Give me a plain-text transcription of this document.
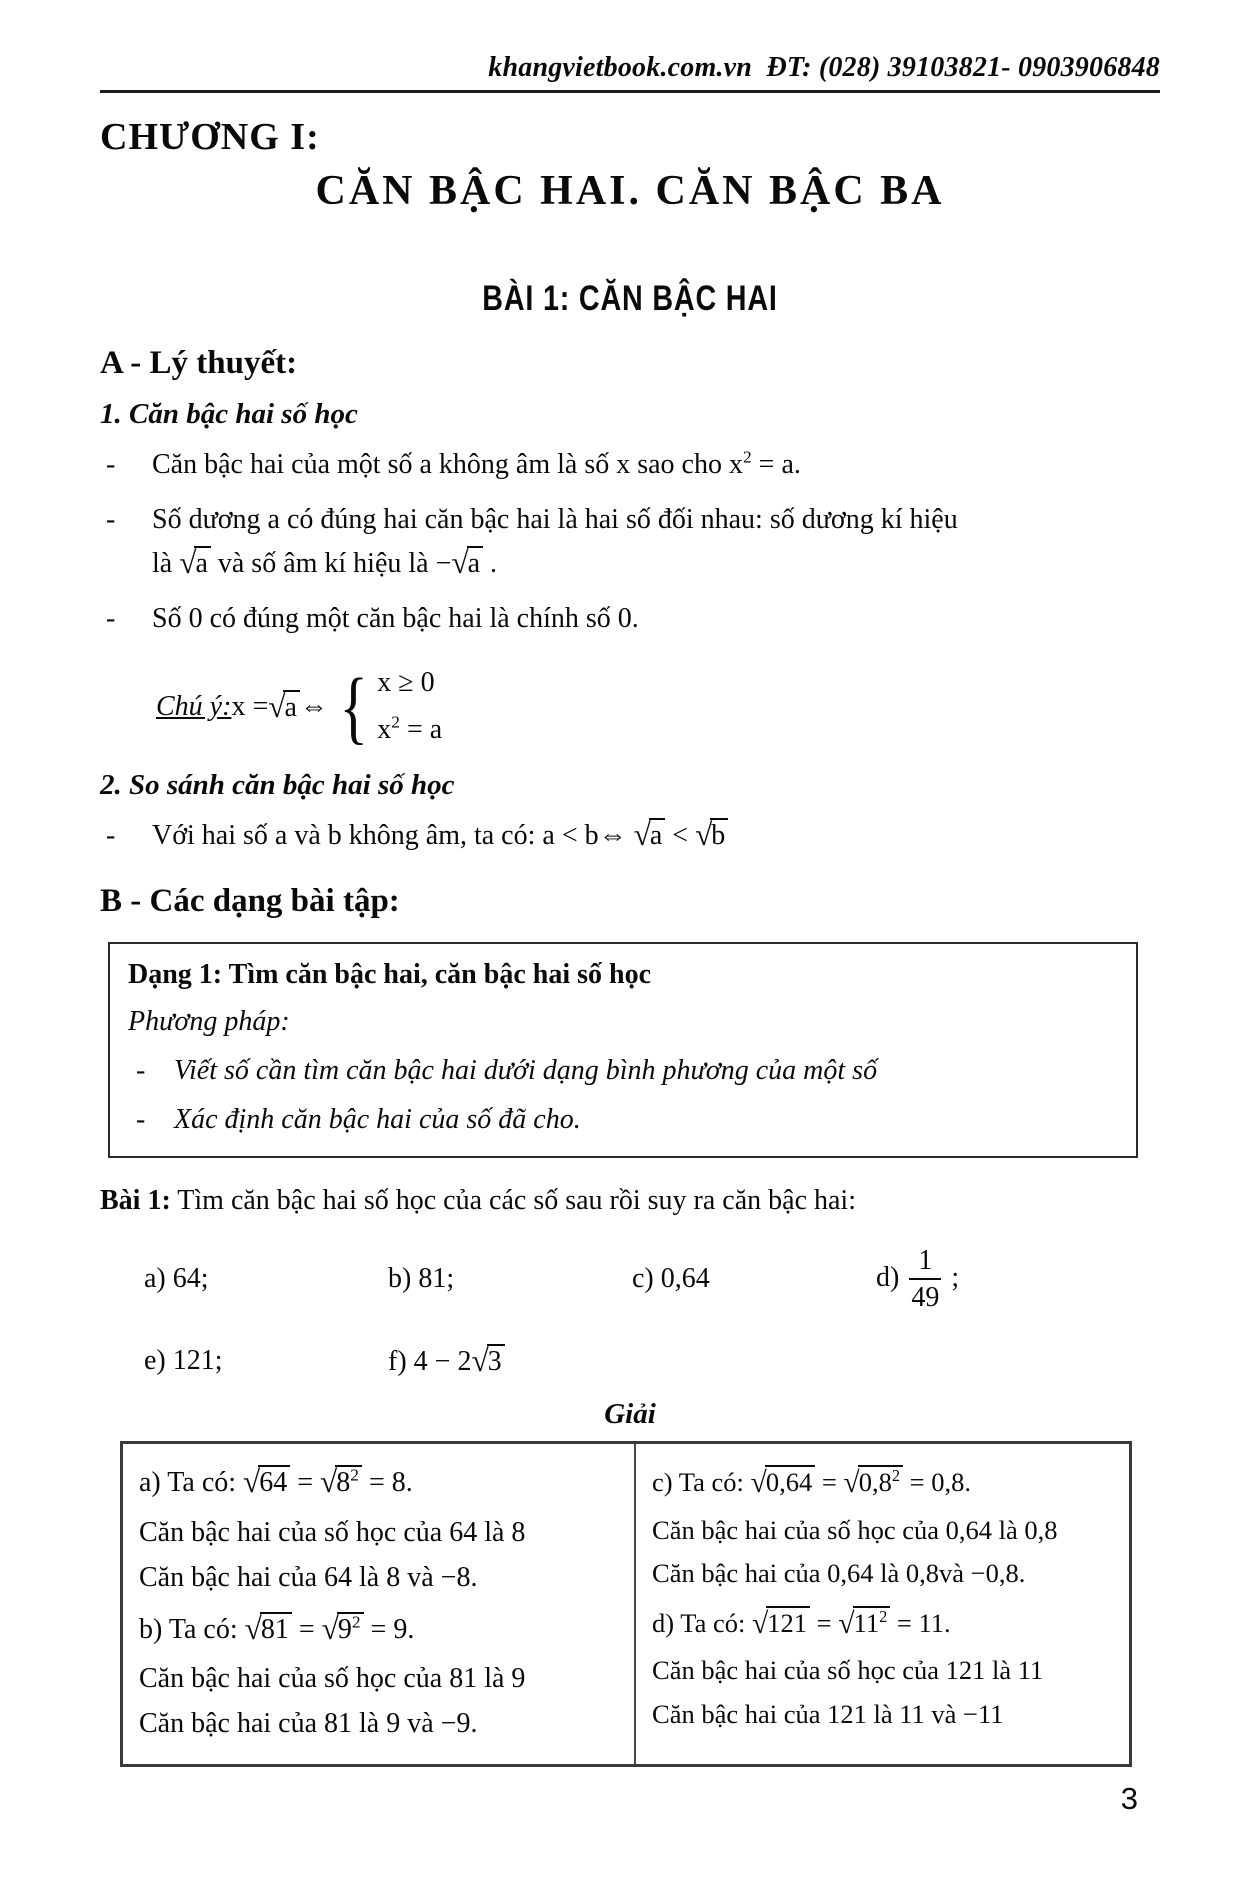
khangvietbook.com.vn  ĐT: (028) 39103821- 0903906848
CHƯƠNG I:
CĂN BẬC HAI. CĂN BẬC BA
BÀI 1: CĂN BẬC HAI
A - Lý thuyết:
1. Căn bậc hai số học
-	Căn bậc hai của một số a không âm là số x sao cho $x^2 = a$.
-	Số dương a có đúng hai căn bậc hai là hai số đối nhau: số dương kí hiệu
là √a và số âm kí hiệu là −√a .
-	Số 0 có đúng một căn bậc hai là chính số 0.
Chú ý: x = √a ⇔ { x ≥ 0
$x^2 = a$
2. So sánh căn bậc hai số học
-	Với hai số a và b không âm, ta có: a < b⇔ √a < √b
B - Các dạng bài tập:
Dạng 1: Tìm căn bậc hai, căn bậc hai số học
Phương pháp:
-	Viết số cần tìm căn bậc hai dưới dạng bình phương của một số
-	Xác định căn bậc hai của số đã cho.
Bài 1: Tìm căn bậc hai số học của các số sau rồi suy ra căn bậc hai:
a) 64;	b) 81;	c) 0,64	$d) \frac{1}{49}$ ;
e) 121;	f) 4 − 2√3
Giải
a) Ta có: $√64 = √8^2 = 8$.
Căn bậc hai của số học của 64 là 8
Căn bậc hai của 64 là 8 và −8.
b) Ta có: $√81 = √9^2 = 9$.
Căn bậc hai của số học của 81 là 9
Căn bậc hai của 81 là 9 và −9.
c) Ta có: $√0,64 = √0,8^2 = 0,8$.
Căn bậc hai của số học của 0,64 là 0,8
Căn bậc hai của 0,64 là 0,8và −0,8.
d) Ta có: $√121 = √11^2 = 11$.
Căn bậc hai của số học của 121 là 11
Căn bậc hai của 121 là 11 và −11
3
